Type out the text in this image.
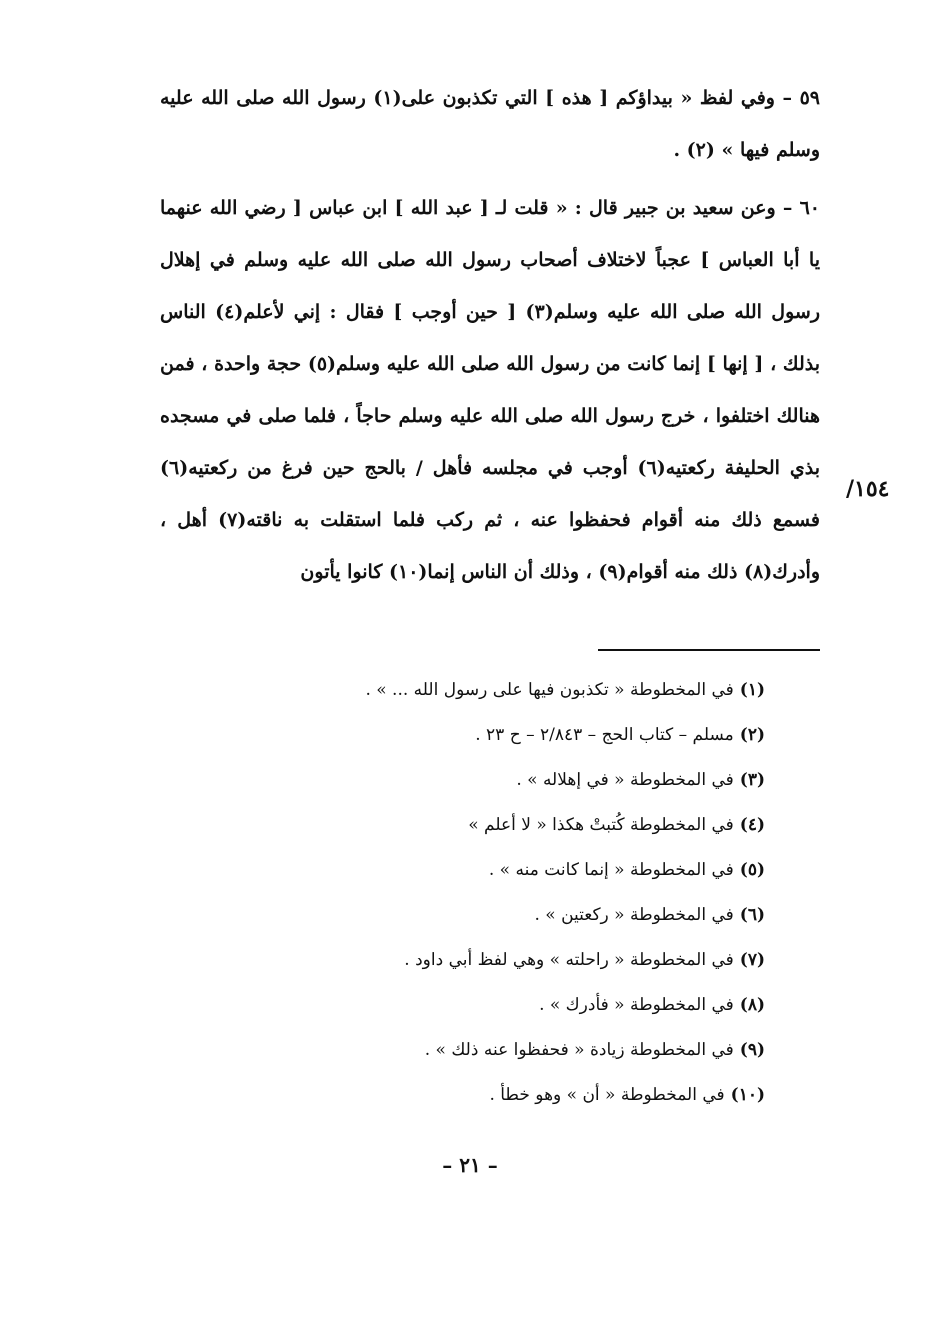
٥٩ – وفي لفظ « بيداؤكم [ هذه ] التي تكذبون على(١) رسول الله صلى الله عليه وسلم فيها » (٢) .

٦٠ – وعن سعيد بن جبير قال : « قلت لـ [ عبد الله ] ابن عباس [ رضي الله عنهما يا أبا العباس ] عجباً لاختلاف أصحاب رسول الله صلى الله عليه وسلم في إهلال رسول الله صلى الله عليه وسلم(٣) [ حين أوجب ] فقال : إني لأعلم(٤) الناس بذلك ، [ إنها ] إنما كانت من رسول الله صلى الله عليه وسلم(٥) حجة واحدة ، فمن هنالك اختلفوا ، خرج رسول الله صلى الله عليه وسلم حاجاً ، فلما صلى في مسجده بذي الحليفة ركعتيه(٦) أوجب في مجلسه فأهل / بالحج حين فرغ من ركعتيه(٦) فسمع ذلك منه أقوام فحفظوا عنه ، ثم ركب فلما استقلت به ناقته(٧) أهل ، وأدرك(٨) ذلك منه أقوام(٩) ، وذلك أن الناس إنما(١٠) كانوا يأتون

١٥٤/
(١)في المخطوطة « تكذبون فيها على رسول الله ... » .
(٢)مسلم – كتاب الحج – ٢/٨٤٣ – ح ٢٣ .
(٣)في المخطوطة « في إهلاله » .
(٤)في المخطوطة كُتبتْ هكذا « لا أعلم »
(٥)في المخطوطة « إنما كانت منه » .
(٦)في المخطوطة « ركعتين » .
(٧)في المخطوطة « راحلته » وهي لفظ أبي داود .
(٨)في المخطوطة « فأدرك » .
(٩)في المخطوطة زيادة « فحفظوا عنه ذلك » .
(١٠)في المخطوطة « أن » وهو خطأ .
– ٢١ –
